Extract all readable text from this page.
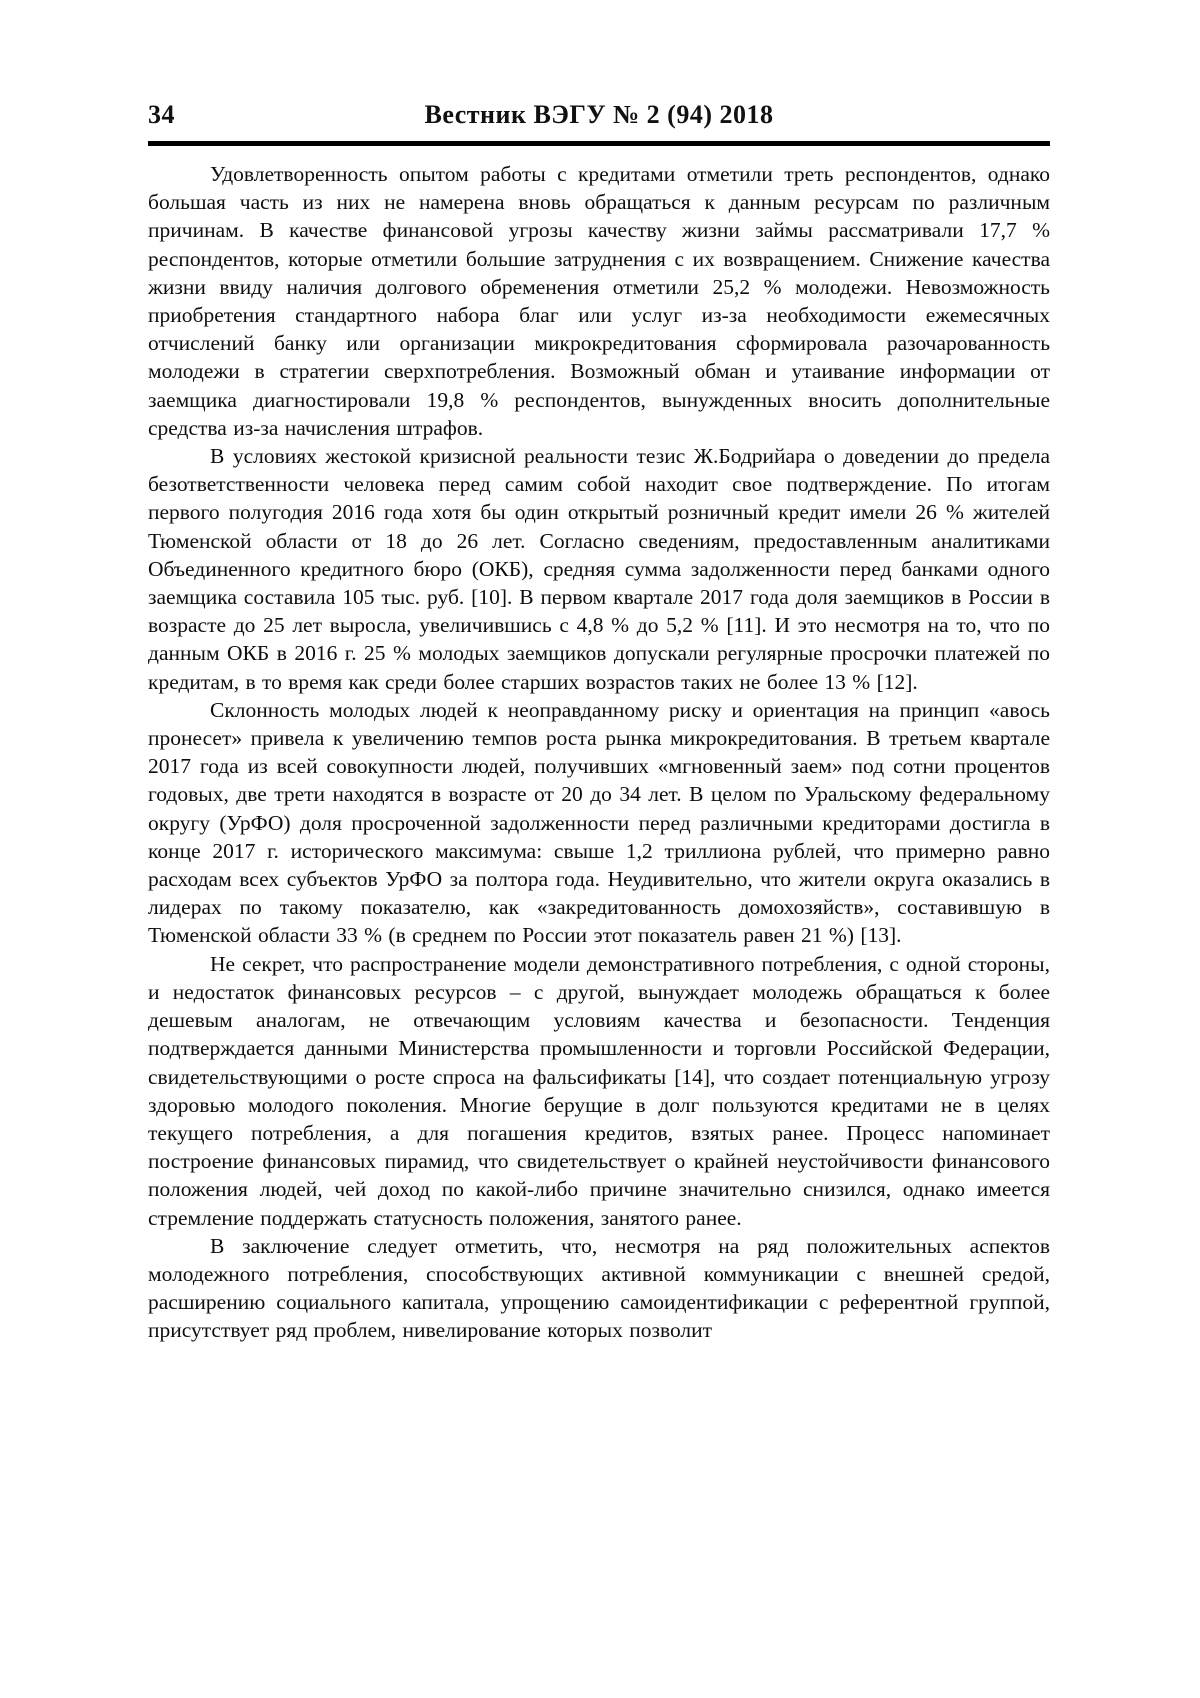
34	Вестник ВЭГУ № 2 (94) 2018

Удовлетворенность опытом работы с кредитами отметили треть респондентов, однако большая часть из них не намерена вновь обращаться к данным ресурсам по различным причинам. В качестве финансовой угрозы качеству жизни займы рассматривали 17,7 % респондентов, которые отметили большие затруднения с их возвращением. Снижение качества жизни ввиду наличия долгового обременения отметили 25,2 % молодежи. Невозможность приобретения стандартного набора благ или услуг из-за необходимости ежемесячных отчислений банку или организации микрокредитования сформировала разочарованность молодежи в стратегии сверхпотребления. Возможный обман и утаивание информации от заемщика диагностировали 19,8 % респондентов, вынужденных вносить дополнительные средства из-за начисления штрафов.

В условиях жестокой кризисной реальности тезис Ж.Бодрийара о доведении до предела безответственности человека перед самим собой находит свое подтверждение. По итогам первого полугодия 2016 года хотя бы один открытый розничный кредит имели 26 % жителей Тюменской области от 18 до 26 лет. Согласно сведениям, предоставленным аналитиками Объединенного кредитного бюро (ОКБ), средняя сумма задолженности перед банками одного заемщика составила 105 тыс. руб. [10]. В первом квартале 2017 года доля заемщиков в России в возрасте до 25 лет выросла, увеличившись с 4,8 % до 5,2 % [11]. И это несмотря на то, что по данным ОКБ в 2016 г. 25 % молодых заемщиков допускали регулярные просрочки платежей по кредитам, в то время как среди более старших возрастов таких не более 13 % [12].

Склонность молодых людей к неоправданному риску и ориентация на принцип «авось пронесет» привела к увеличению темпов роста рынка микрокредитования. В третьем квартале 2017 года из всей совокупности людей, получивших «мгновенный заем» под сотни процентов годовых, две трети находятся в возрасте от 20 до 34 лет. В целом по Уральскому федеральному округу (УрФО) доля просроченной задолженности перед различными кредиторами достигла в конце 2017 г. исторического максимума: свыше 1,2 триллиона рублей, что примерно равно расходам всех субъектов УрФО за полтора года. Неудивительно, что жители округа оказались в лидерах по такому показателю, как «закредитованность домохозяйств», составившую в Тюменской области 33 % (в среднем по России этот показатель равен 21 %) [13].

Не секрет, что распространение модели демонстративного потребления, с одной стороны, и недостаток финансовых ресурсов – с другой, вынуждает молодежь обращаться к более дешевым аналогам, не отвечающим условиям качества и безопасности. Тенденция подтверждается данными Министерства промышленности и торговли Российской Федерации, свидетельствующими о росте спроса на фальсификаты [14], что создает потенциальную угрозу здоровью молодого поколения. Многие берущие в долг пользуются кредитами не в целях текущего потребления, а для погашения кредитов, взятых ранее. Процесс напоминает построение финансовых пирамид, что свидетельствует о крайней неустойчивости финансового положения людей, чей доход по какой-либо причине значительно снизился, однако имеется стремление поддержать статусность положения, занятого ранее.

В заключение следует отметить, что, несмотря на ряд положительных аспектов молодежного потребления, способствующих активной коммуникации с внешней средой, расширению социального капитала, упрощению самоидентификации с референтной группой, присутствует ряд проблем, нивелирование которых позволит
